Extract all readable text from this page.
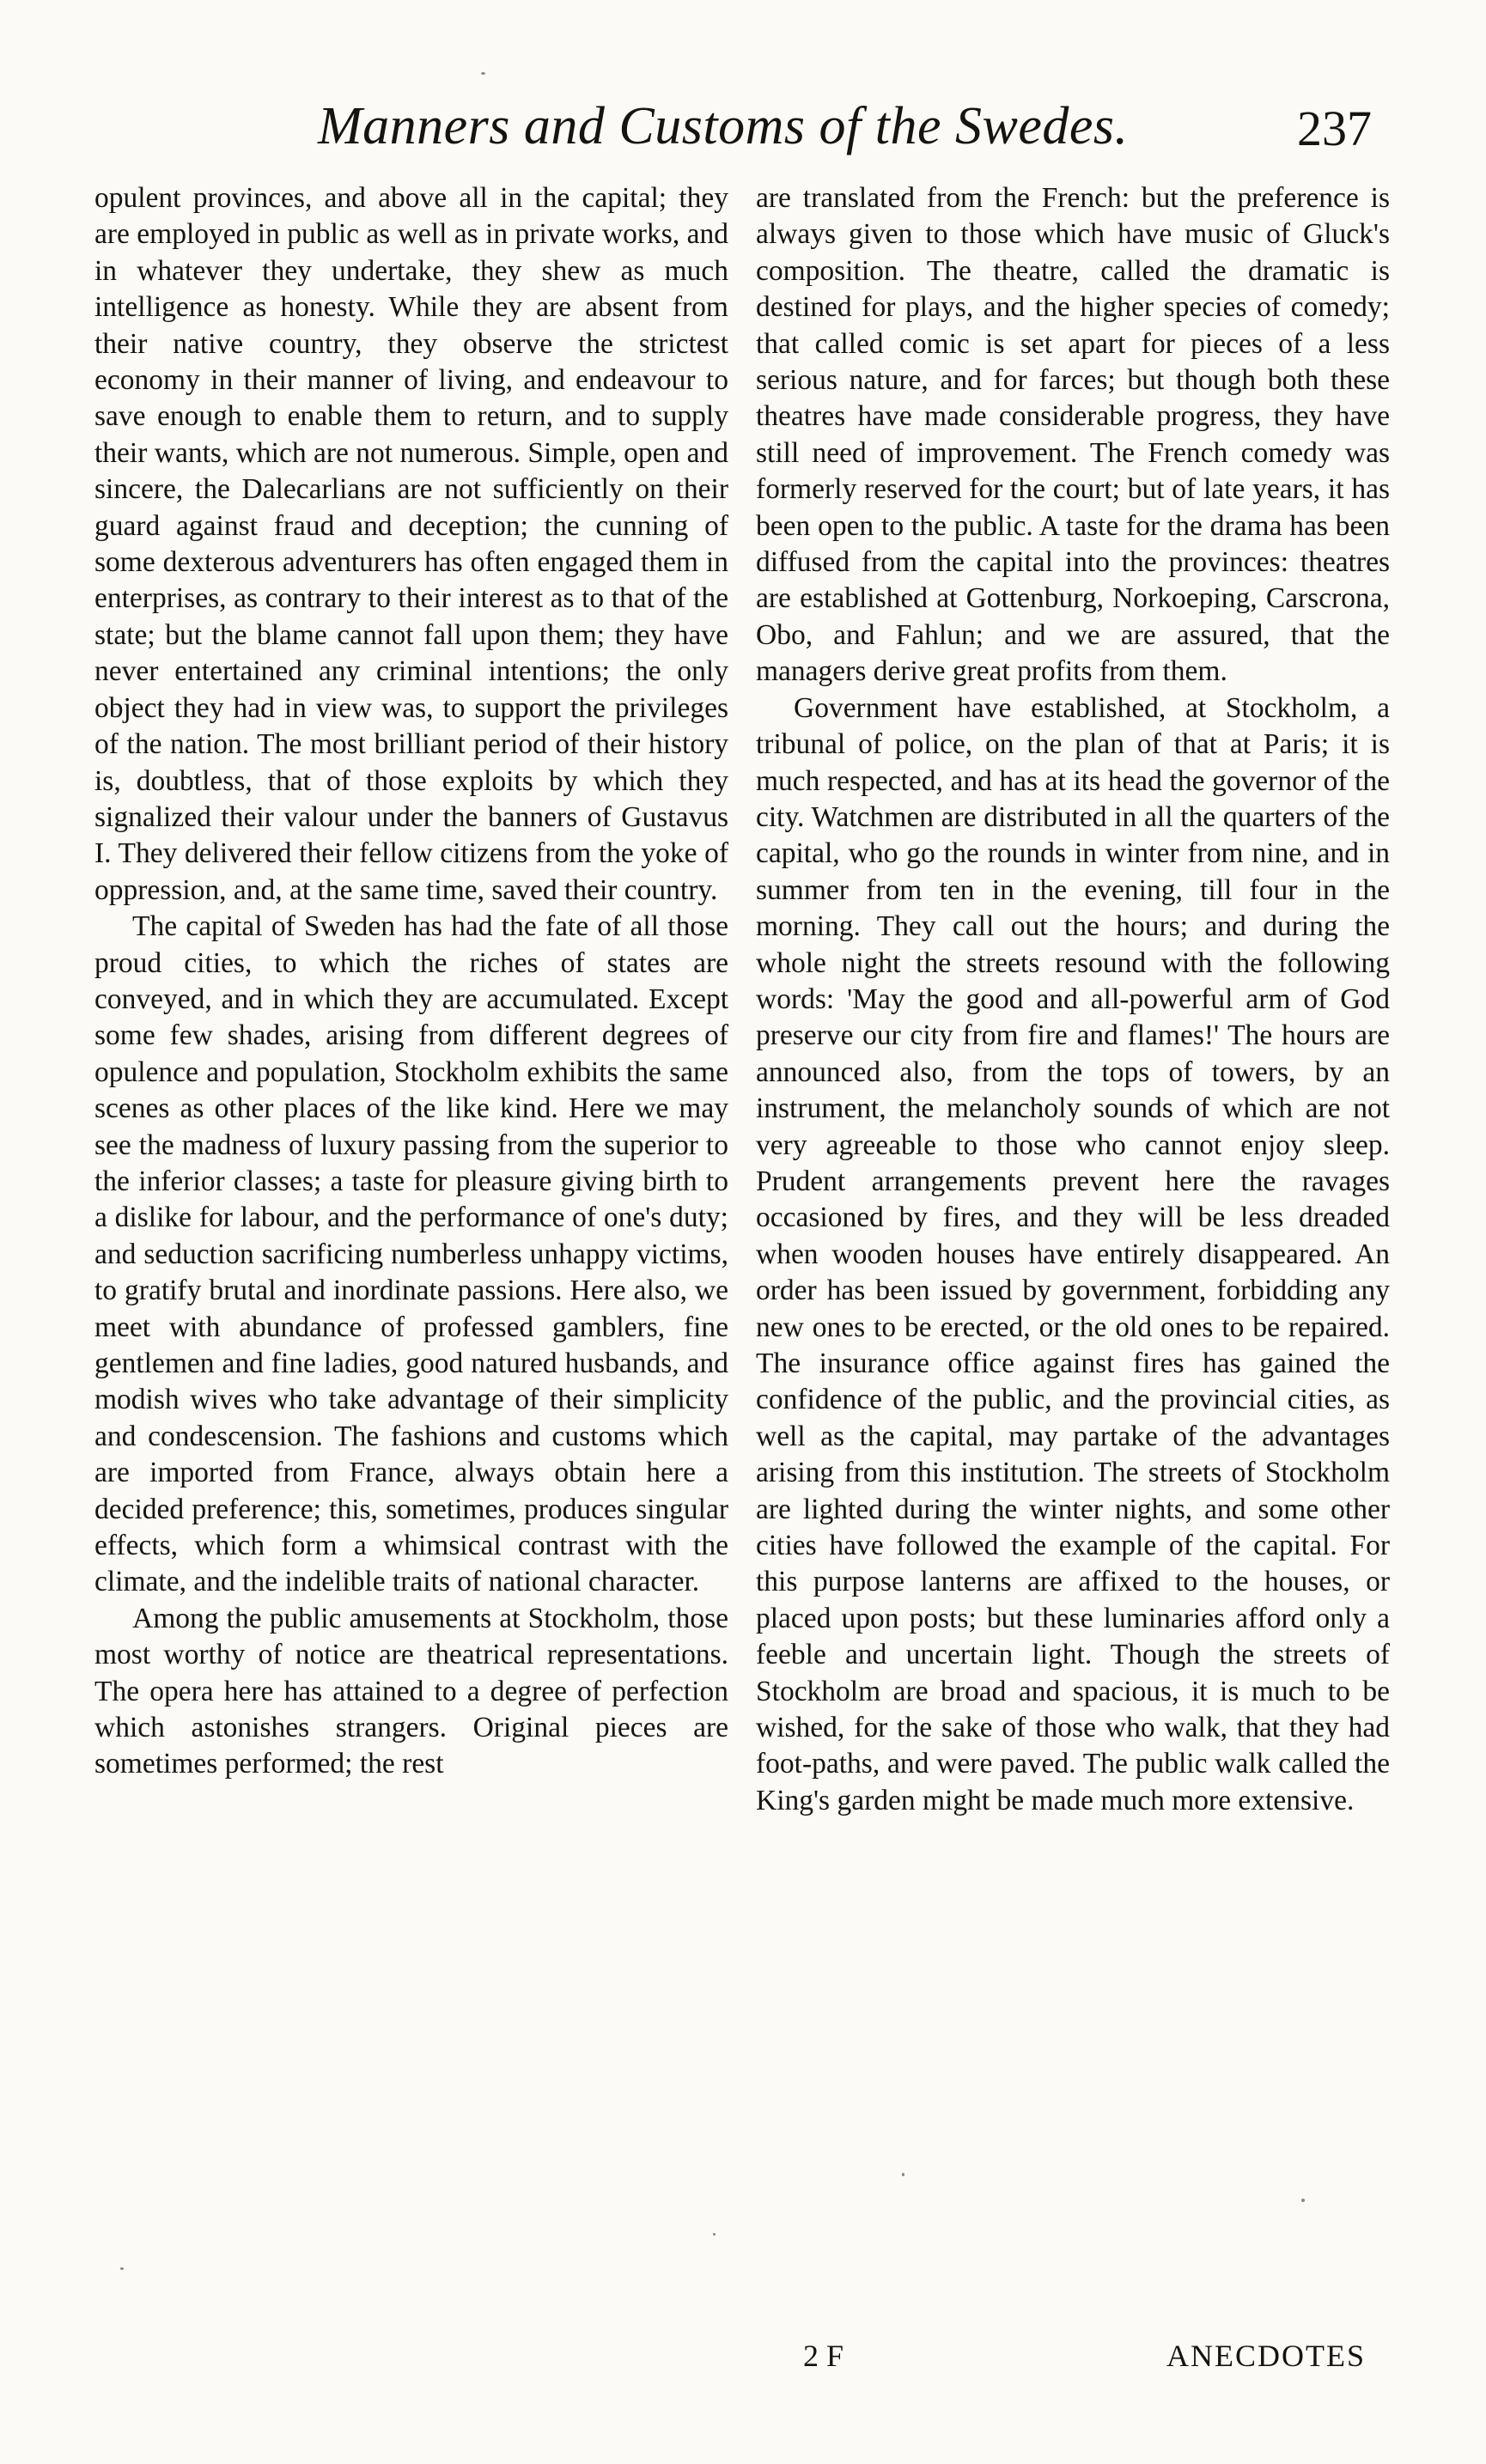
Manners and Customs of the Swedes.	237

opulent provinces, and above all in the capital; they are employed in public as well as in private works, and in whatever they undertake, they shew as much intelligence as honesty. While they are absent from their native country, they observe the strictest economy in their manner of living, and endeavour to save enough to enable them to return, and to supply their wants, which are not numerous. Simple, open and sincere, the Dalecarlians are not sufficiently on their guard against fraud and deception; the cunning of some dexterous adventurers has often engaged them in enterprises, as contrary to their interest as to that of the state; but the blame cannot fall upon them; they have never entertained any criminal intentions; the only object they had in view was, to support the privileges of the nation. The most brilliant period of their history is, doubtless, that of those exploits by which they signalized their valour under the banners of Gustavus I. They delivered their fellow citizens from the yoke of oppression, and, at the same time, saved their country.

The capital of Sweden has had the fate of all those proud cities, to which the riches of states are conveyed, and in which they are accumulated. Except some few shades, arising from different degrees of opulence and population, Stockholm exhibits the same scenes as other places of the like kind. Here we may see the madness of luxury passing from the superior to the inferior classes; a taste for pleasure giving birth to a dislike for labour, and the performance of one's duty; and seduction sacrificing numberless unhappy victims, to gratify brutal and inordinate passions. Here also, we meet with abundance of professed gamblers, fine gentlemen and fine ladies, good natured husbands, and modish wives who take advantage of their simplicity and condescension. The fashions and customs which are imported from France, always obtain here a decided preference; this, sometimes, produces singular effects, which form a whimsical contrast with the climate, and the indelible traits of national character.

Among the public amusements at Stockholm, those most worthy of notice are theatrical representations. The opera here has attained to a degree of perfection which astonishes strangers. Original pieces are sometimes performed; the rest

are translated from the French: but the preference is always given to those which have music of Gluck's composition. The theatre, called the dramatic is destined for plays, and the higher species of comedy; that called comic is set apart for pieces of a less serious nature, and for farces; but though both these theatres have made considerable progress, they have still need of improvement. The French comedy was formerly reserved for the court; but of late years, it has been open to the public. A taste for the drama has been diffused from the capital into the provinces: theatres are established at Gottenburg, Norkoeping, Carscrona, Obo, and Fahlun; and we are assured, that the managers derive great profits from them.

Government have established, at Stockholm, a tribunal of police, on the plan of that at Paris; it is much respected, and has at its head the governor of the city. Watchmen are distributed in all the quarters of the capital, who go the rounds in winter from nine, and in summer from ten in the evening, till four in the morning. They call out the hours; and during the whole night the streets resound with the following words: 'May the good and all-powerful arm of God preserve our city from fire and flames!' The hours are announced also, from the tops of towers, by an instrument, the melancholy sounds of which are not very agreeable to those who cannot enjoy sleep. Prudent arrangements prevent here the ravages occasioned by fires, and they will be less dreaded when wooden houses have entirely disappeared. An order has been issued by government, forbidding any new ones to be erected, or the old ones to be repaired. The insurance office against fires has gained the confidence of the public, and the provincial cities, as well as the capital, may partake of the advantages arising from this institution. The streets of Stockholm are lighted during the winter nights, and some other cities have followed the example of the capital. For this purpose lanterns are affixed to the houses, or placed upon posts; but these luminaries afford only a feeble and uncertain light. Though the streets of Stockholm are broad and spacious, it is much to be wished, for the sake of those who walk, that they had foot-paths, and were paved. The public walk called the King's garden might be made much more extensive.

2 F	ANECDOTES
